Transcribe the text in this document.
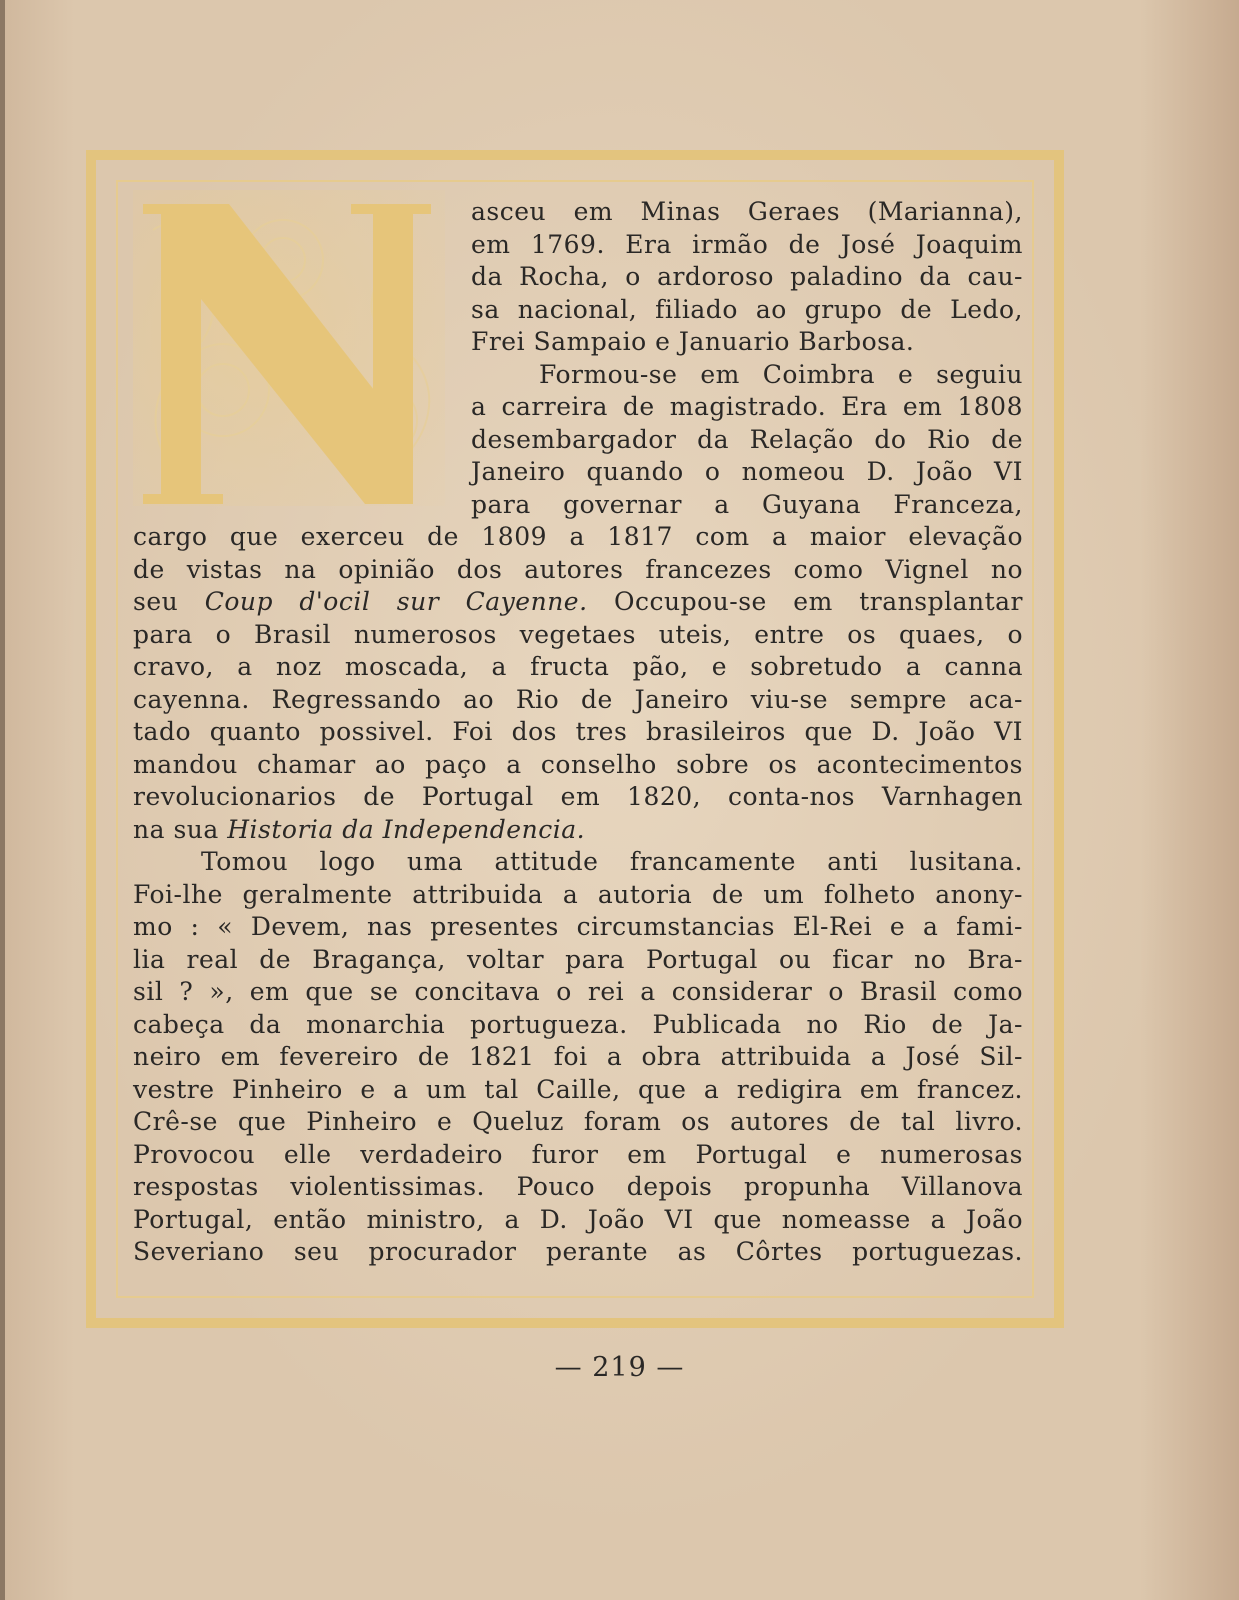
asceu em Minas Geraes (Marianna),
em 1769. Era irmão de José Joaquim
da Rocha, o ardoroso paladino da cau-
sa nacional, filiado ao grupo de Ledo,
Frei Sampaio e Januario Barbosa.
Formou-se em Coimbra e seguiu
a carreira de magistrado. Era em 1808
desembargador da Relação do Rio de
Janeiro quando o nomeou D. João VI
para governar a Guyana Franceza,
cargo que exerceu de 1809 a 1817 com a maior elevação
de vistas na opinião dos autores francezes como Vignel no
seu Coup d'ocil sur Cayenne. Occupou-se em transplantar
para o Brasil numerosos vegetaes uteis, entre os quaes, o
cravo, a noz moscada, a fructa pão, e sobretudo a canna
cayenna. Regressando ao Rio de Janeiro viu-se sempre aca-
tado quanto possivel. Foi dos tres brasileiros que D. João VI
mandou chamar ao paço a conselho sobre os acontecimentos
revolucionarios de Portugal em 1820, conta-nos Varnhagen
na sua Historia da Independencia.
Tomou logo uma attitude francamente anti lusitana.
Foi-lhe geralmente attribuida a autoria de um folheto anony-
mo : « Devem, nas presentes circumstancias El-Rei e a fami-
lia real de Bragança, voltar para Portugal ou ficar no Bra-
sil ? », em que se concitava o rei a considerar o Brasil como
cabeça da monarchia portugueza. Publicada no Rio de Ja-
neiro em fevereiro de 1821 foi a obra attribuida a José Sil-
vestre Pinheiro e a um tal Caille, que a redigira em francez.
Crê-se que Pinheiro e Queluz foram os autores de tal livro.
Provocou elle verdadeiro furor em Portugal e numerosas
respostas violentissimas. Pouco depois propunha Villanova
Portugal, então ministro, a D. João VI que nomeasse a João
Severiano seu procurador perante as Côrtes portuguezas.
— 219 —
